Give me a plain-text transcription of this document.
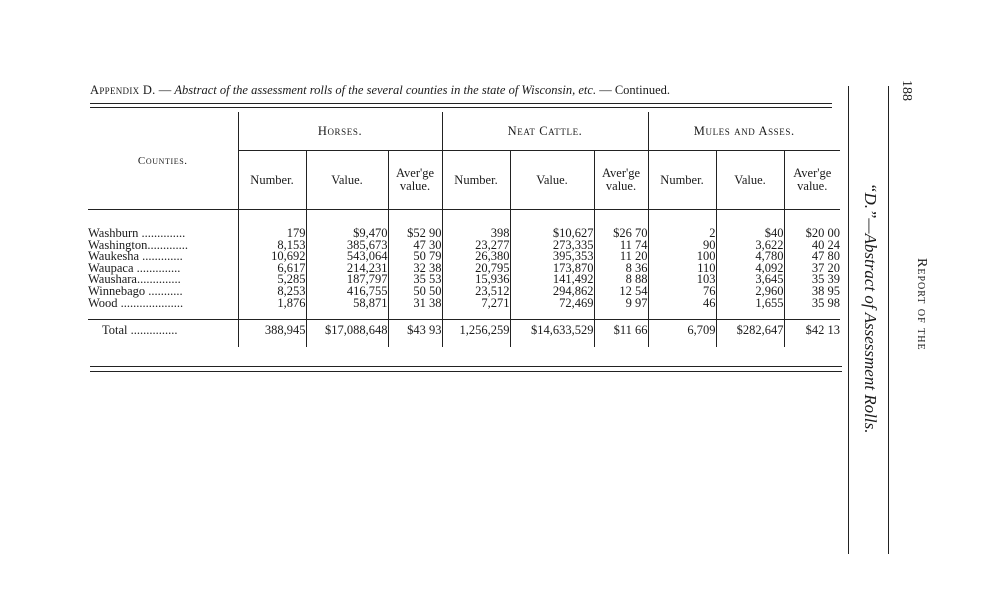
Appendix D. — Abstract of the assessment rolls of the several counties in the state of Wisconsin, etc. — Continued.
Counties.	Horses.			Neat Cattle.			Mules and Asses.		
	Number.	Value.	Aver'ge
value.	Number.	Value.	Aver'ge
value.	Number.	Value.	Aver'ge
value.
Washburn ..............	179	$9,470	$52 90	398	$10,627	$26 70	2	$40	$20 00
Washington.............	8,153	385,673	47 30	23,277	273,335	11 74	90	3,622	40 24
Waukesha .............	10,692	543,064	50 79	26,380	395,353	11 20	100	4,780	47 80
Waupaca ..............	6,617	214,231	32 38	20,795	173,870	8 36	110	4,092	37 20
Waushara..............	5,285	187,797	35 53	15,936	141,492	8 88	103	3,645	35 39
Winnebago ...........	8,253	416,755	50 50	23,512	294,862	12 54	76	2,960	38 95
Wood ....................	1,876	58,871	31 38	7,271	72,469	9 97	46	1,655	35 98
Total ...............	388,945	$17,088,648	$43 93	1,256,259	$14,633,529	$11 66	6,709	$282,647	$42 13 “D.”—Abstract of Assessment Rolls.
188
Report of the
